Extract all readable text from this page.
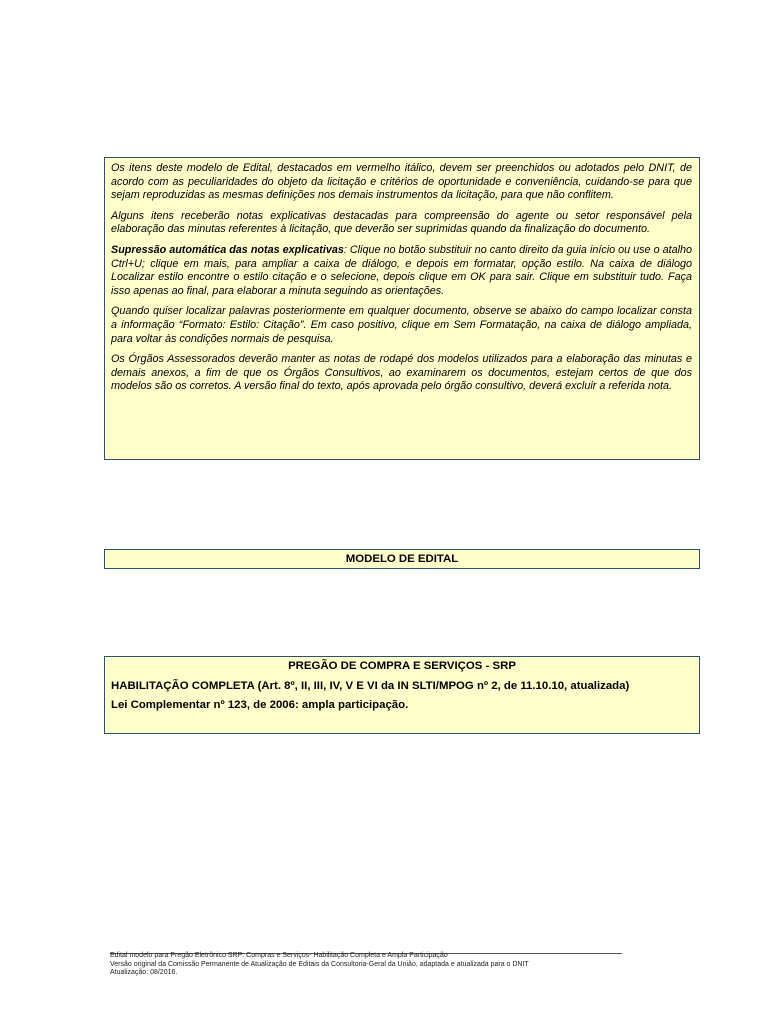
Os itens deste modelo de Edital, destacados em vermelho itálico, devem ser preenchidos ou adotados pelo DNIT, de acordo com as peculiaridades do objeto da licitação e critérios de oportunidade e conveniência, cuidando-se para que sejam reproduzidas as mesmas definições nos demais instrumentos da licitação, para que não conflitem.

Alguns itens receberão notas explicativas destacadas para compreensão do agente ou setor responsável pela elaboração das minutas referentes à licitação, que deverão ser suprimidas quando da finalização do documento.

Supressão automática das notas explicativas: Clique no botão substituir no canto direito da guia início ou use o atalho Ctrl+U; clique em mais, para ampliar a caixa de diálogo, e depois em formatar, opção estilo. Na caixa de diálogo Localizar estilo encontre o estilo citação e o selecione, depois clique em OK para sair. Clique em substituir tudo. Faça isso apenas ao final, para elaborar a minuta seguindo as orientações.

Quando quiser localizar palavras posteriormente em qualquer documento, observe se abaixo do campo localizar consta a informação “Formato: Estilo: Citação”. Em caso positivo, clique em Sem Formatação, na caixa de diálogo ampliada, para voltar às condições normais de pesquisa.

Os Órgãos Assessorados deverão manter as notas de rodapé dos modelos utilizados para a elaboração das minutas e demais anexos, a fim de que os Órgãos Consultivos, ao examinarem os documentos, estejam certos de que dos modelos são os corretos. A versão final do texto, após aprovada pelo órgão consultivo, deverá excluir a referida nota.

MODELO DE EDITAL
PREGÃO DE COMPRA E SERVIÇOS - SRP
HABILITAÇÃO COMPLETA (Art. 8º, II, III, IV, V E VI da IN SLTI/MPOG nº 2, de 11.10.10, atualizada)
Lei Complementar nº 123, de 2006: ampla participação.
Edital modelo para Pregão Eletrônico SRP: Compras e Serviços- Habilitação Completa e Ampla Participação
Versão original da Comissão Permanente de Atualização de Editais da Consultoria-Geral da União, adaptada e atualizada para o DNIT
Atualização: 08/2016.
